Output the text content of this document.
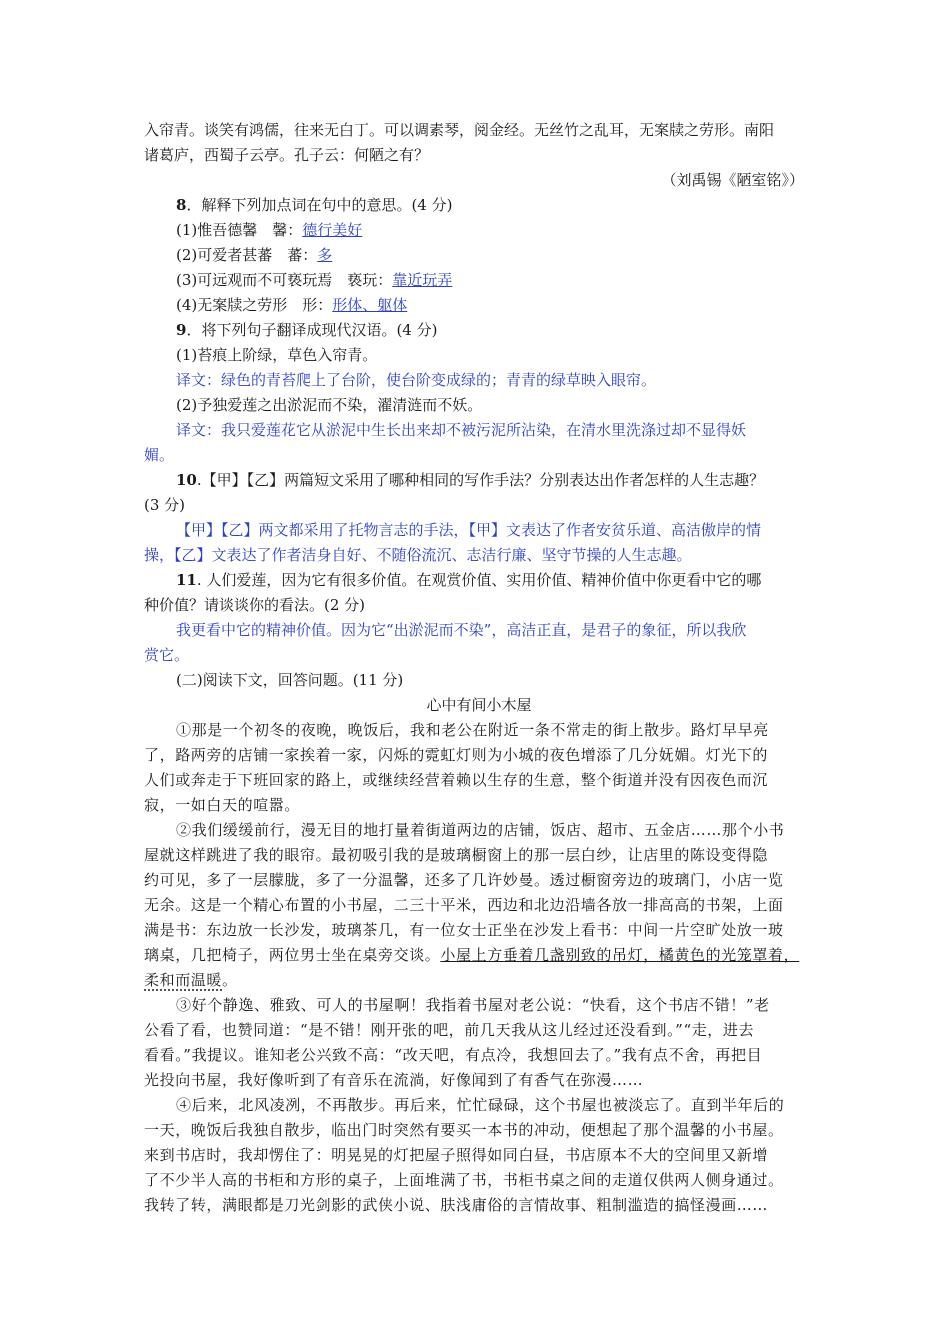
入帘青。谈笑有鸿儒，往来无白丁。可以调素琴，阅金经。无丝竹之乱耳，无案牍之劳形。南阳
诸葛庐，西蜀子云亭。孔子云：何陋之有？
（刘禹锡《陋室铭》）
8．解释下列加点词在句中的意思。(4 分)
(1)惟吾德馨　馨：德行美好
(2)可爱者甚蕃　蕃：多
(3)可远观而不可亵玩焉　亵玩：靠近玩弄
(4)无案牍之劳形　形：形体、躯体
9．将下列句子翻译成现代汉语。(4 分)
(1)苔痕上阶绿，草色入帘青。
译文：绿色的青苔爬上了台阶，使台阶变成绿的；青青的绿草映入眼帘。
(2)予独爱莲之出淤泥而不染，濯清涟而不妖。
译文：我只爱莲花它从淤泥中生长出来却不被污泥所沾染，在清水里洗涤过却不显得妖
媚。
10.【甲】【乙】两篇短文采用了哪种相同的写作手法？分别表达出作者怎样的人生志趣？
(3 分)
【甲】【乙】两文都采用了托物言志的手法，【甲】文表达了作者安贫乐道、高洁傲岸的情
操，【乙】文表达了作者洁身自好、不随俗流沉、志洁行廉、坚守节操的人生志趣。
11. 人们爱莲，因为它有很多价值。在观赏价值、实用价值、精神价值中你更看中它的哪
种价值？请谈谈你的看法。(2 分)
我更看中它的精神价值。因为它“出淤泥而不染”，高洁正直，是君子的象征，所以我欣
赏它。
(二)阅读下文，回答问题。(11 分)
心中有间小木屋
①那是一个初冬的夜晚，晚饭后，我和老公在附近一条不常走的街上散步。路灯早早亮
了，路两旁的店铺一家挨着一家，闪烁的霓虹灯则为小城的夜色增添了几分妩媚。灯光下的
人们或奔走于下班回家的路上，或继续经营着赖以生存的生意，整个街道并没有因夜色而沉
寂，一如白天的喧嚣。
②我们缓缓前行，漫无目的地打量着街道两边的店铺，饭店、超市、五金店……那个小书
屋就这样跳进了我的眼帘。最初吸引我的是玻璃橱窗上的那一层白纱，让店里的陈设变得隐
约可见，多了一层朦胧，多了一分温馨，还多了几许妙曼。透过橱窗旁边的玻璃门，小店一览
无余。这是一个精心布置的小书屋，二三十平米，西边和北边沿墙各放一排高高的书架，上面
满是书：东边放一长沙发，玻璃茶几，有一位女士正坐在沙发上看书：中间一片空旷处放一玻
璃桌，几把椅子，两位男士坐在桌旁交谈。小屋上方垂着几盏别致的吊灯，橘黄色的光笼罩着，
柔和而温暖。
③好个静逸、雅致、可人的书屋啊！我指着书屋对老公说：“快看，这个书店不错！”老
公看了看，也赞同道：“是不错！刚开张的吧，前几天我从这儿经过还没看到。”“走，进去
看看。”我提议。谁知老公兴致不高：“改天吧，有点冷，我想回去了。”我有点不舍，再把目
光投向书屋，我好像听到了有音乐在流淌，好像闻到了有香气在弥漫……
④后来，北风凌冽，不再散步。再后来，忙忙碌碌，这个书屋也被淡忘了。直到半年后的
一天，晚饭后我独自散步，临出门时突然有要买一本书的冲动，便想起了那个温馨的小书屋。
来到书店时，我却愣住了：明晃晃的灯把屋子照得如同白昼，书店原本不大的空间里又新增
了不少半人高的书柜和方形的桌子，上面堆满了书，书柜书桌之间的走道仅供两人侧身通过。
我转了转，满眼都是刀光剑影的武侠小说、肤浅庸俗的言情故事、粗制滥造的搞怪漫画……
